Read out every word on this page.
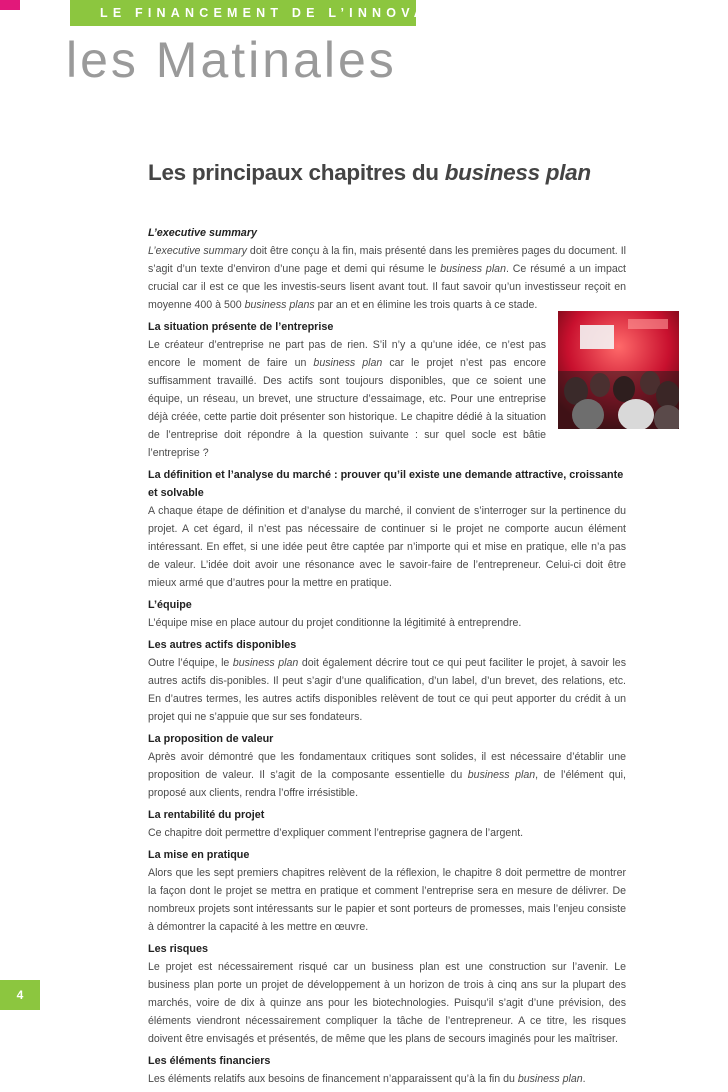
LE FINANCEMENT DE L’INNOVATION
les Matinales
Les principaux chapitres du business plan
L’executive summary

L’executive summary doit être conçu à la fin, mais présenté dans les premières pages du document. Il s’agit d’un texte d’environ d’une page et demi qui résume le business plan. Ce résumé a un impact crucial car il est ce que les investis-seurs lisent avant tout. Il faut savoir qu’un investisseur reçoit en moyenne 400 à 500 business plans par an et en élimine les trois quarts à ce stade.

La situation présente de l’entreprise

Le créateur d’entreprise ne part pas de rien. S’il n’y a qu’une idée, ce n’est pas encore le moment de faire un business plan car le projet n’est pas encore suffisamment travaillé. Des actifs sont toujours disponibles, que ce soient une équipe, un réseau, un brevet, une structure d’essaimage, etc. Pour une entreprise déjà créée, cette partie doit présenter son historique. Le chapitre dédié à la situation de l’entreprise doit répondre à la question suivante : sur quel socle est bâtie l’entreprise ?

La définition et l’analyse du marché : prouver qu’il existe une demande attractive, croissante et solvable

A chaque étape de définition et d’analyse du marché, il convient de s’interroger sur la pertinence du projet. A cet égard, il n’est pas nécessaire de continuer si le projet ne comporte aucun élément intéressant. En effet, si une idée peut être captée par n’importe qui et mise en pratique, elle n’a pas de valeur. L’idée doit avoir une résonance avec le savoir-faire de l’entrepreneur. Celui-ci doit être mieux armé que d’autres pour la mettre en pratique.

L’équipe

L’équipe mise en place autour du projet conditionne la légitimité à entreprendre.

Les autres actifs disponibles

Outre l’équipe, le business plan doit également décrire tout ce qui peut faciliter le projet, à savoir les autres actifs dis-ponibles. Il peut s’agir d’une qualification, d’un label, d’un brevet, des relations, etc. En d’autres termes, les autres actifs disponibles relèvent de tout ce qui peut apporter du crédit à un projet qui ne s’appuie que sur ses fondateurs.

La proposition de valeur

Après avoir démontré que les fondamentaux critiques sont solides, il est nécessaire d’établir une proposition de valeur. Il s’agit de la composante essentielle du business plan, de l’élément qui, proposé aux clients, rendra l’offre irrésistible.

La rentabilité du projet

Ce chapitre doit permettre d’expliquer comment l’entreprise gagnera de l’argent.

La mise en pratique

Alors que les sept premiers chapitres relèvent de la réflexion, le chapitre 8 doit permettre de montrer la façon dont le projet se mettra en pratique et comment l’entreprise sera en mesure de délivrer. De nombreux projets sont intéressants sur le papier et sont porteurs de promesses, mais l’enjeu consiste à démontrer la capacité à les mettre en œuvre.

Les risques

Le projet est nécessairement risqué car un business plan est une construction sur l’avenir. Le business plan porte un projet de développement à un horizon de trois à cinq ans sur la plupart des marchés, voire de dix à quinze ans pour les biotechnologies. Puisqu’il s’agit d’une prévision, des éléments viendront nécessairement compliquer la tâche de l’entrepreneur. A ce titre, les risques doivent être envisagés et présentés, de même que les plans de secours imaginés pour les maîtriser.

Les éléments financiers

Les éléments relatifs aux besoins de financement n’apparaissent qu’à la fin du business plan.

4
